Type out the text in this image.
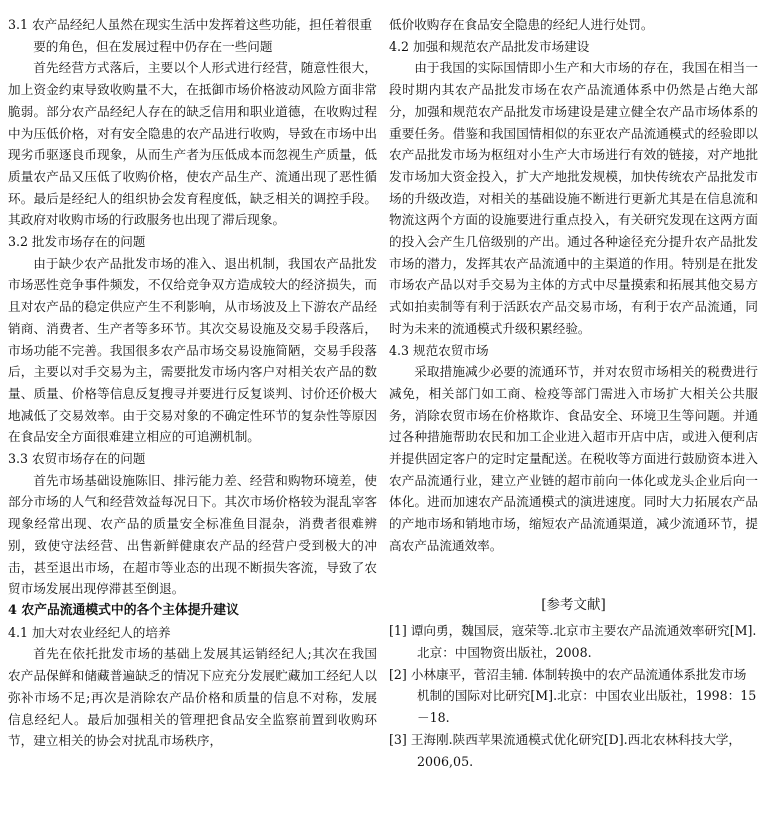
3.1 农产品经纪人虽然在现实生活中发挥着这些功能，担任着很重要的角色，但在发展过程中仍存在一些问题

首先经营方式落后，主要以个人形式进行经营，随意性很大，加上资金约束导致收购量不大，在抵御市场价格波动风险方面非常脆弱。部分农产品经纪人存在的缺乏信用和职业道德，在收购过程中为压低价格，对有安全隐患的农产品进行收购，导致在市场中出现劣币驱逐良币现象，从而生产者为压低成本而忽视生产质量，低质量农产品又压低了收购价格，使农产品生产、流通出现了恶性循环。最后是经纪人的组织协会发育程度低，缺乏相关的调控手段。其政府对收购市场的行政服务也出现了滞后现象。

3.2 批发市场存在的问题

由于缺少农产品批发市场的准入、退出机制，我国农产品批发市场恶性竞争事件频发，不仅给竞争双方造成较大的经济损失，而且对农产品的稳定供应产生不利影响，从市场波及上下游农产品经销商、消费者、生产者等多环节。其次交易设施及交易手段落后，市场功能不完善。我国很多农产品市场交易设施简陋，交易手段落后，主要以对手交易为主，需要批发市场内客户对相关农产品的数量、质量、价格等信息反复搜寻并要进行反复谈判、讨价还价极大地减低了交易效率。由于交易对象的不确定性环节的复杂性等原因在食品安全方面很难建立相应的可追溯机制。

3.3 农贸市场存在的问题

首先市场基础设施陈旧、排污能力差、经营和购物环境差，使部分市场的人气和经营效益每况日下。其次市场价格较为混乱宰客现象经常出现、农产品的质量安全标准鱼目混杂，消费者很难辨别，致使守法经营、出售新鲜健康农产品的经营户受到极大的冲击，甚至退出市场，在超市等业态的出现不断损失客流，导致了农贸市场发展出现停滞甚至倒退。

4 农产品流通模式中的各个主体提升建议
4.1 加大对农业经纪人的培养

首先在依托批发市场的基础上发展其运销经纪人;其次在我国农产品保鲜和储藏普遍缺乏的情况下应充分发展贮藏加工经纪人以弥补市场不足;再次是消除农产品价格和质量的信息不对称，发展信息经纪人。最后加强相关的管理把食品安全监察前置到收购环节，建立相关的协会对扰乱市场秩序，

低价收购存在食品安全隐患的经纪人进行处罚。

4.2 加强和规范农产品批发市场建设

由于我国的实际国情即小生产和大市场的存在，我国在相当一段时期内其农产品批发市场在农产品流通体系中仍然是占绝大部分，加强和规范农产品批发市场建设是建立健全农产品市场体系的重要任务。借鉴和我国国情相似的东亚农产品流通模式的经验即以农产品批发市场为枢纽对小生产大市场进行有效的链接，对产地批发市场加大资金投入，扩大产地批发规模，加快传统农产品批发市场的升级改造，对相关的基础设施不断进行更新尤其是在信息流和物流这两个方面的设施要进行重点投入，有关研究发现在这两方面的投入会产生几倍级别的产出。通过各种途径充分提升农产品批发市场的潜力，发挥其农产品流通中的主渠道的作用。特别是在批发市场农产品以对手交易为主体的方式中尽量摸索和拓展其他交易方式如拍卖制等有利于活跃农产品交易市场，有利于农产品流通，同时为未来的流通模式升级积累经验。

4.3 规范农贸市场

采取措施减少必要的流通环节，并对农贸市场相关的税费进行减免，相关部门如工商、检疫等部门需进入市场扩大相关公共服务，消除农贸市场在价格欺诈、食品安全、环境卫生等问题。并通过各种措施帮助农民和加工企业进入超市开店中店，或进入便利店并提供固定客户的定时定量配送。在税收等方面进行鼓励资本进入农产品流通行业，建立产业链的超市前向一体化或龙头企业后向一体化。进而加速农产品流通模式的演进速度。同时大力拓展农产品的产地市场和销地市场，缩短农产品流通渠道，减少流通环节，提高农产品流通效率。

[参考文献]
[1] 谭向勇，魏国辰，寇荣等.北京市主要农产品流通效率研究[M].北京：中国物资出版社，2008.
[2] 小林康平，菅沼圭辅. 体制转换中的农产品流通体系批发市场机制的国际对比研究[M].北京：中国农业出版社，1998：15－18.
[3] 王海刚.陕西苹果流通模式优化研究[D].西北农林科技大学，2006,05.
